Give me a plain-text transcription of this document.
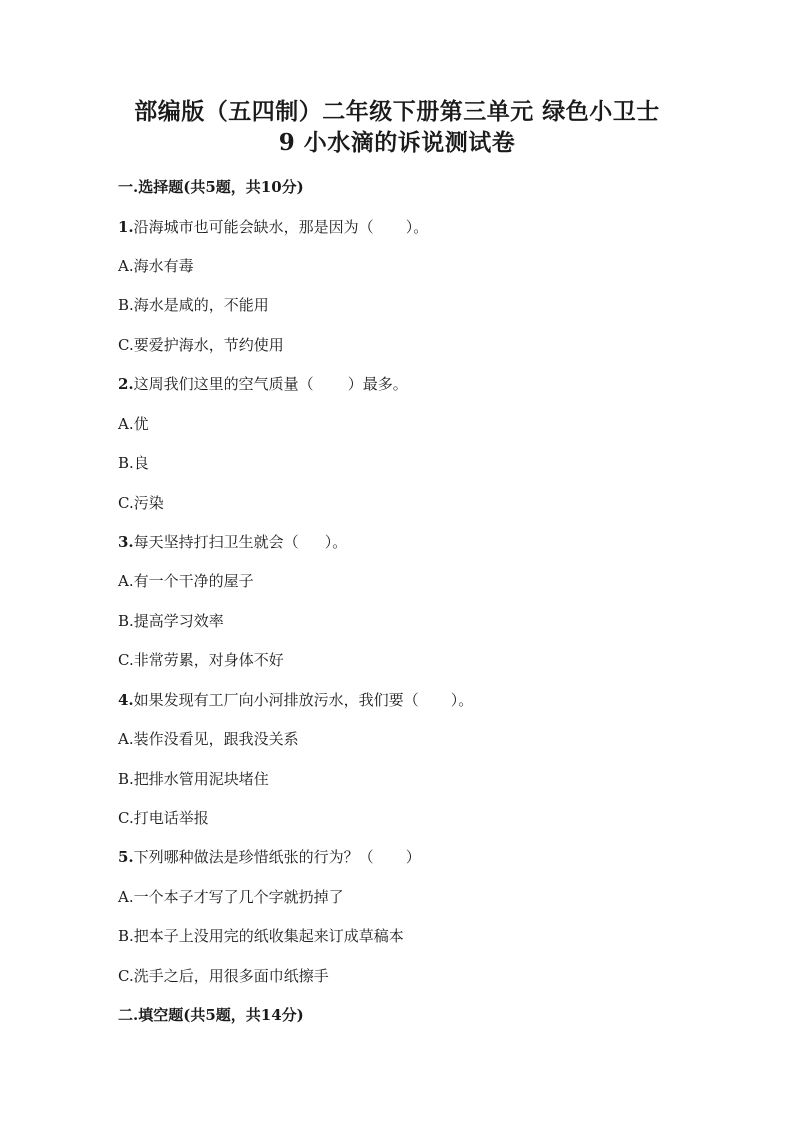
部编版（五四制）二年级下册第三单元 绿色小卫士
9 小水滴的诉说测试卷
一.选择题(共5题，共10分)
1.沿海城市也可能会缺水，那是因为（ ）。
A.海水有毒
B.海水是咸的，不能用
C.要爱护海水，节约使用
2.这周我们这里的空气质量（ ）最多。
A.优
B.良
C.污染
3.每天坚持打扫卫生就会（ ）。
A.有一个干净的屋子
B.提高学习效率
C.非常劳累，对身体不好
4.如果发现有工厂向小河排放污水，我们要（ ）。
A.装作没看见，跟我没关系
B.把排水管用泥块堵住
C.打电话举报
5.下列哪种做法是珍惜纸张的行为？（ ）
A.一个本子才写了几个字就扔掉了
B.把本子上没用完的纸收集起来订成草稿本
C.洗手之后，用很多面巾纸擦手
二.填空题(共5题，共14分)
